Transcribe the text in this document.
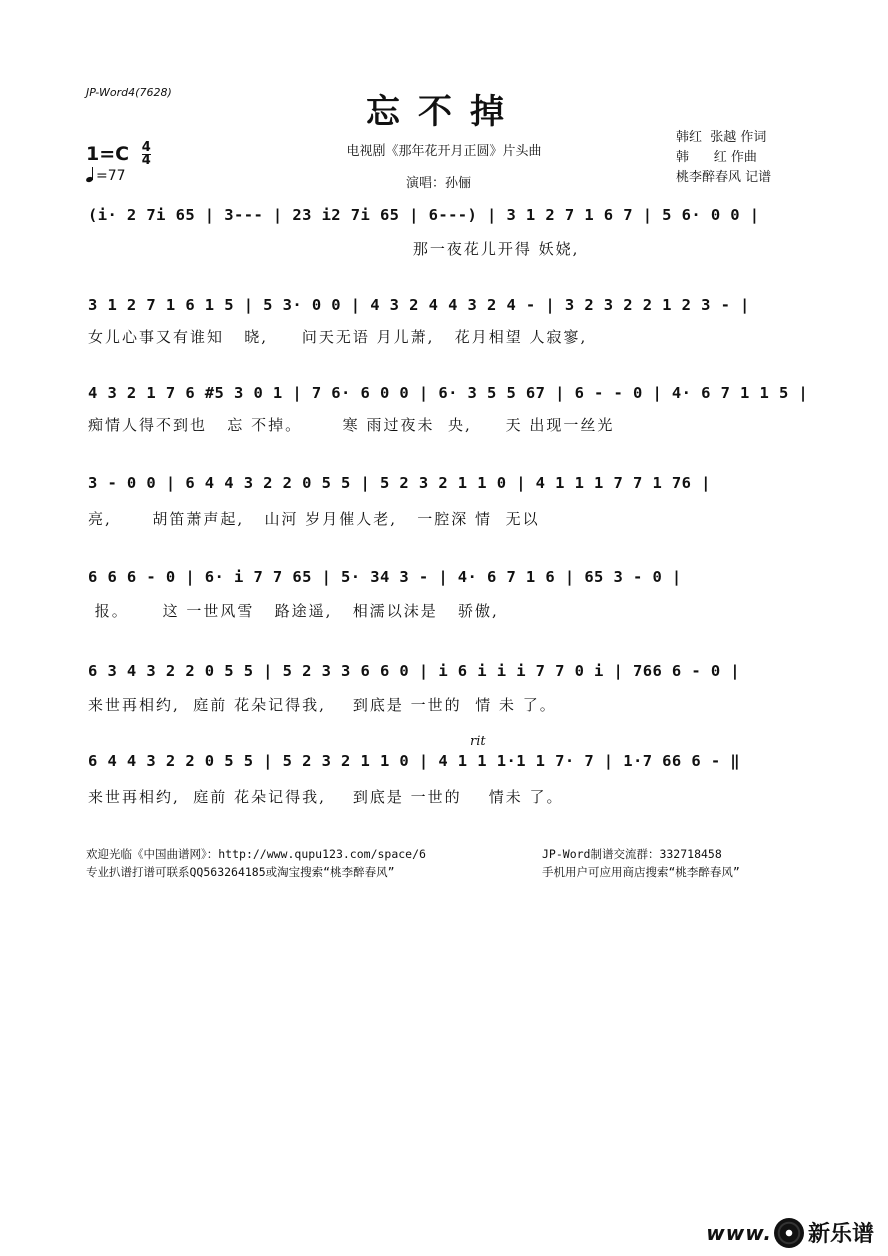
JP-Word4(7628)	忘不掉
$1=C \frac{4}{4}$
=77
电视剧《那年花开月正圆》片头曲
演唱：孙俪
韩红  张越 作词
韩      红 作曲
桃李醉春风 记谱
(i· 2 7i 65 | 3--- | 23 i2 7i 65 | 6---) | 3 1 2 7 1 6 7 | 5 6· 0 0 |
那一夜花儿开得 妖娆,
3 1 2 7 1 6 1 5 | 5 3· 0 0 | 4 3 2 4 4 3 2 4 - | 3 2 3 2 2 1 2 3 - |
女儿心事又有谁知   晓,     问天无语 月儿萧,   花月相望 人寂寥,
4 3 2 1 7 6 #5 3 0 1 | 7 6· 6 0 0 | 6· 3 5 5 67 | 6 - - 0 | 4· 6 7 1 1 5 |
痴情人得不到也   忘 不掉。      寒 雨过夜未  央,     天 出现一丝光
3 - 0 0 | 6 4 4 3 2 2 0 5 5 | 5 2 3 2 1 1 0 | 4 1 1 1 7 7 1 76 |
亮,      胡笛萧声起,   山河 岁月催人老,   一腔深 情  无以
6 6 6 - 0 | 6· i 7 7 65 | 5· 34 3 - | 4· 6 7 1 6 | 65 3 - 0 |
报。     这 一世风雪   路途遥,   相濡以沫是   骄傲,
6 3 4 3 2 2 0 5 5 | 5 2 3 3 6 6 0 | i 6 i i i 7 7 0 i | 766 6 - 0 |
来世再相约,  庭前 花朵记得我,    到底是 一世的  情 未 了。
rit
6 4 4 3 2 2 0 5 5 | 5 2 3 2 1 1 0 | 4 1 1 1·1 1 7· 7 | 1·7 66 6 - ‖
来世再相约,  庭前 花朵记得我,    到底是 一世的    情未 了。
欢迎光临《中国曲谱网》：http://www.qupu123.com/space/6
专业扒谱打谱可联系QQ563264185或淘宝搜索“桃李醉春风”
JP-Word制谱交流群：332718458
手机用户可应用商店搜索“桃李醉春风”
www. 新乐谱
